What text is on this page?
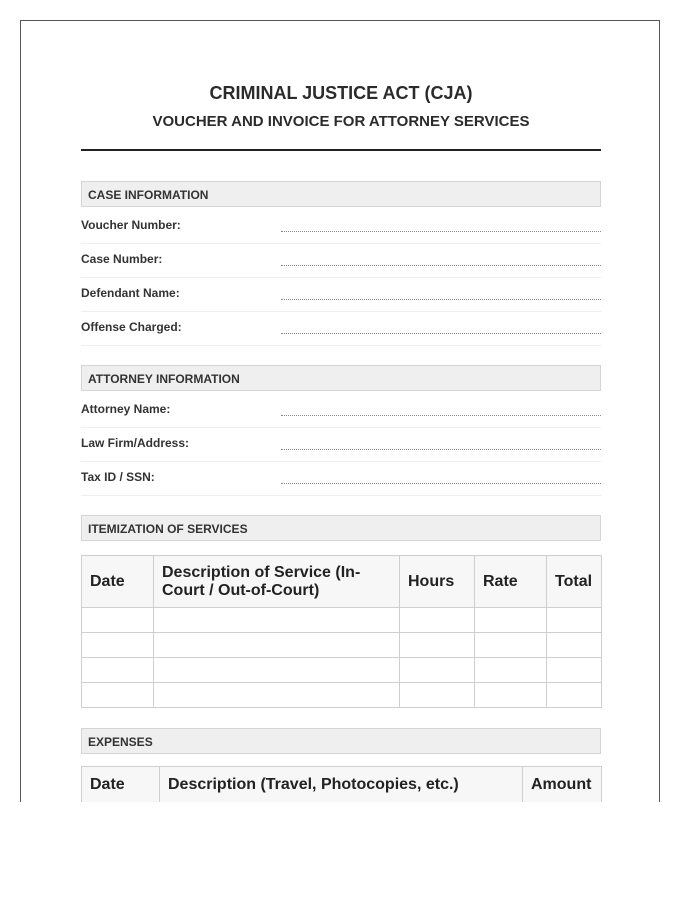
CRIMINAL JUSTICE ACT (CJA)
VOUCHER AND INVOICE FOR ATTORNEY SERVICES
CASE INFORMATION
Voucher Number:
Case Number:
Defendant Name:
Offense Charged:
ATTORNEY INFORMATION
Attorney Name:
Law Firm/Address:
Tax ID / SSN:
ITEMIZATION OF SERVICES
Date	Description of Service (In-Court / Out-of-Court)	Hours	Rate	Total

EXPENSES
Date	Description (Travel, Photocopies, etc.)	Amount
